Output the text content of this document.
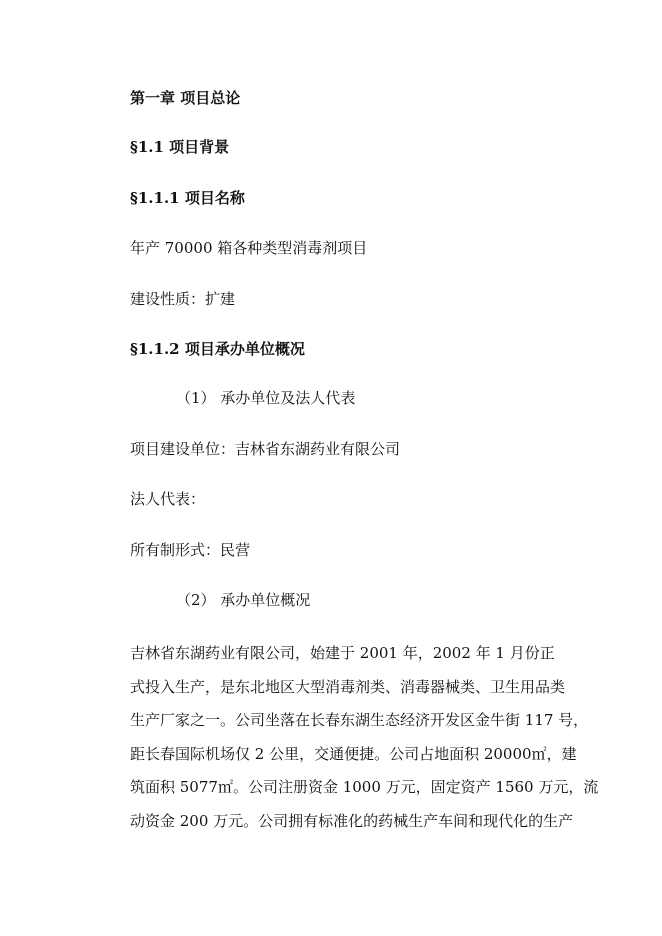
第一章 项目总论
§1.1 项目背景
§1.1.1 项目名称
年产 70000 箱各种类型消毒剂项目
建设性质：扩建
§1.1.2 项目承办单位概况
（1） 承办单位及法人代表
项目建设单位：吉林省东湖药业有限公司
法人代表：
所有制形式：民营
（2） 承办单位概况
吉林省东湖药业有限公司，始建于 2001 年，2002 年 1 月份正
式投入生产，是东北地区大型消毒剂类、消毒器械类、卫生用品类
生产厂家之一。公司坐落在长春东湖生态经济开发区金牛街 117 号，
距长春国际机场仅 2 公里，交通便捷。公司占地面积 20000㎡，建
筑面积 5077㎡。公司注册资金 1000 万元，固定资产 1560 万元，流
动资金 200 万元。公司拥有标准化的药械生产车间和现代化的生产
